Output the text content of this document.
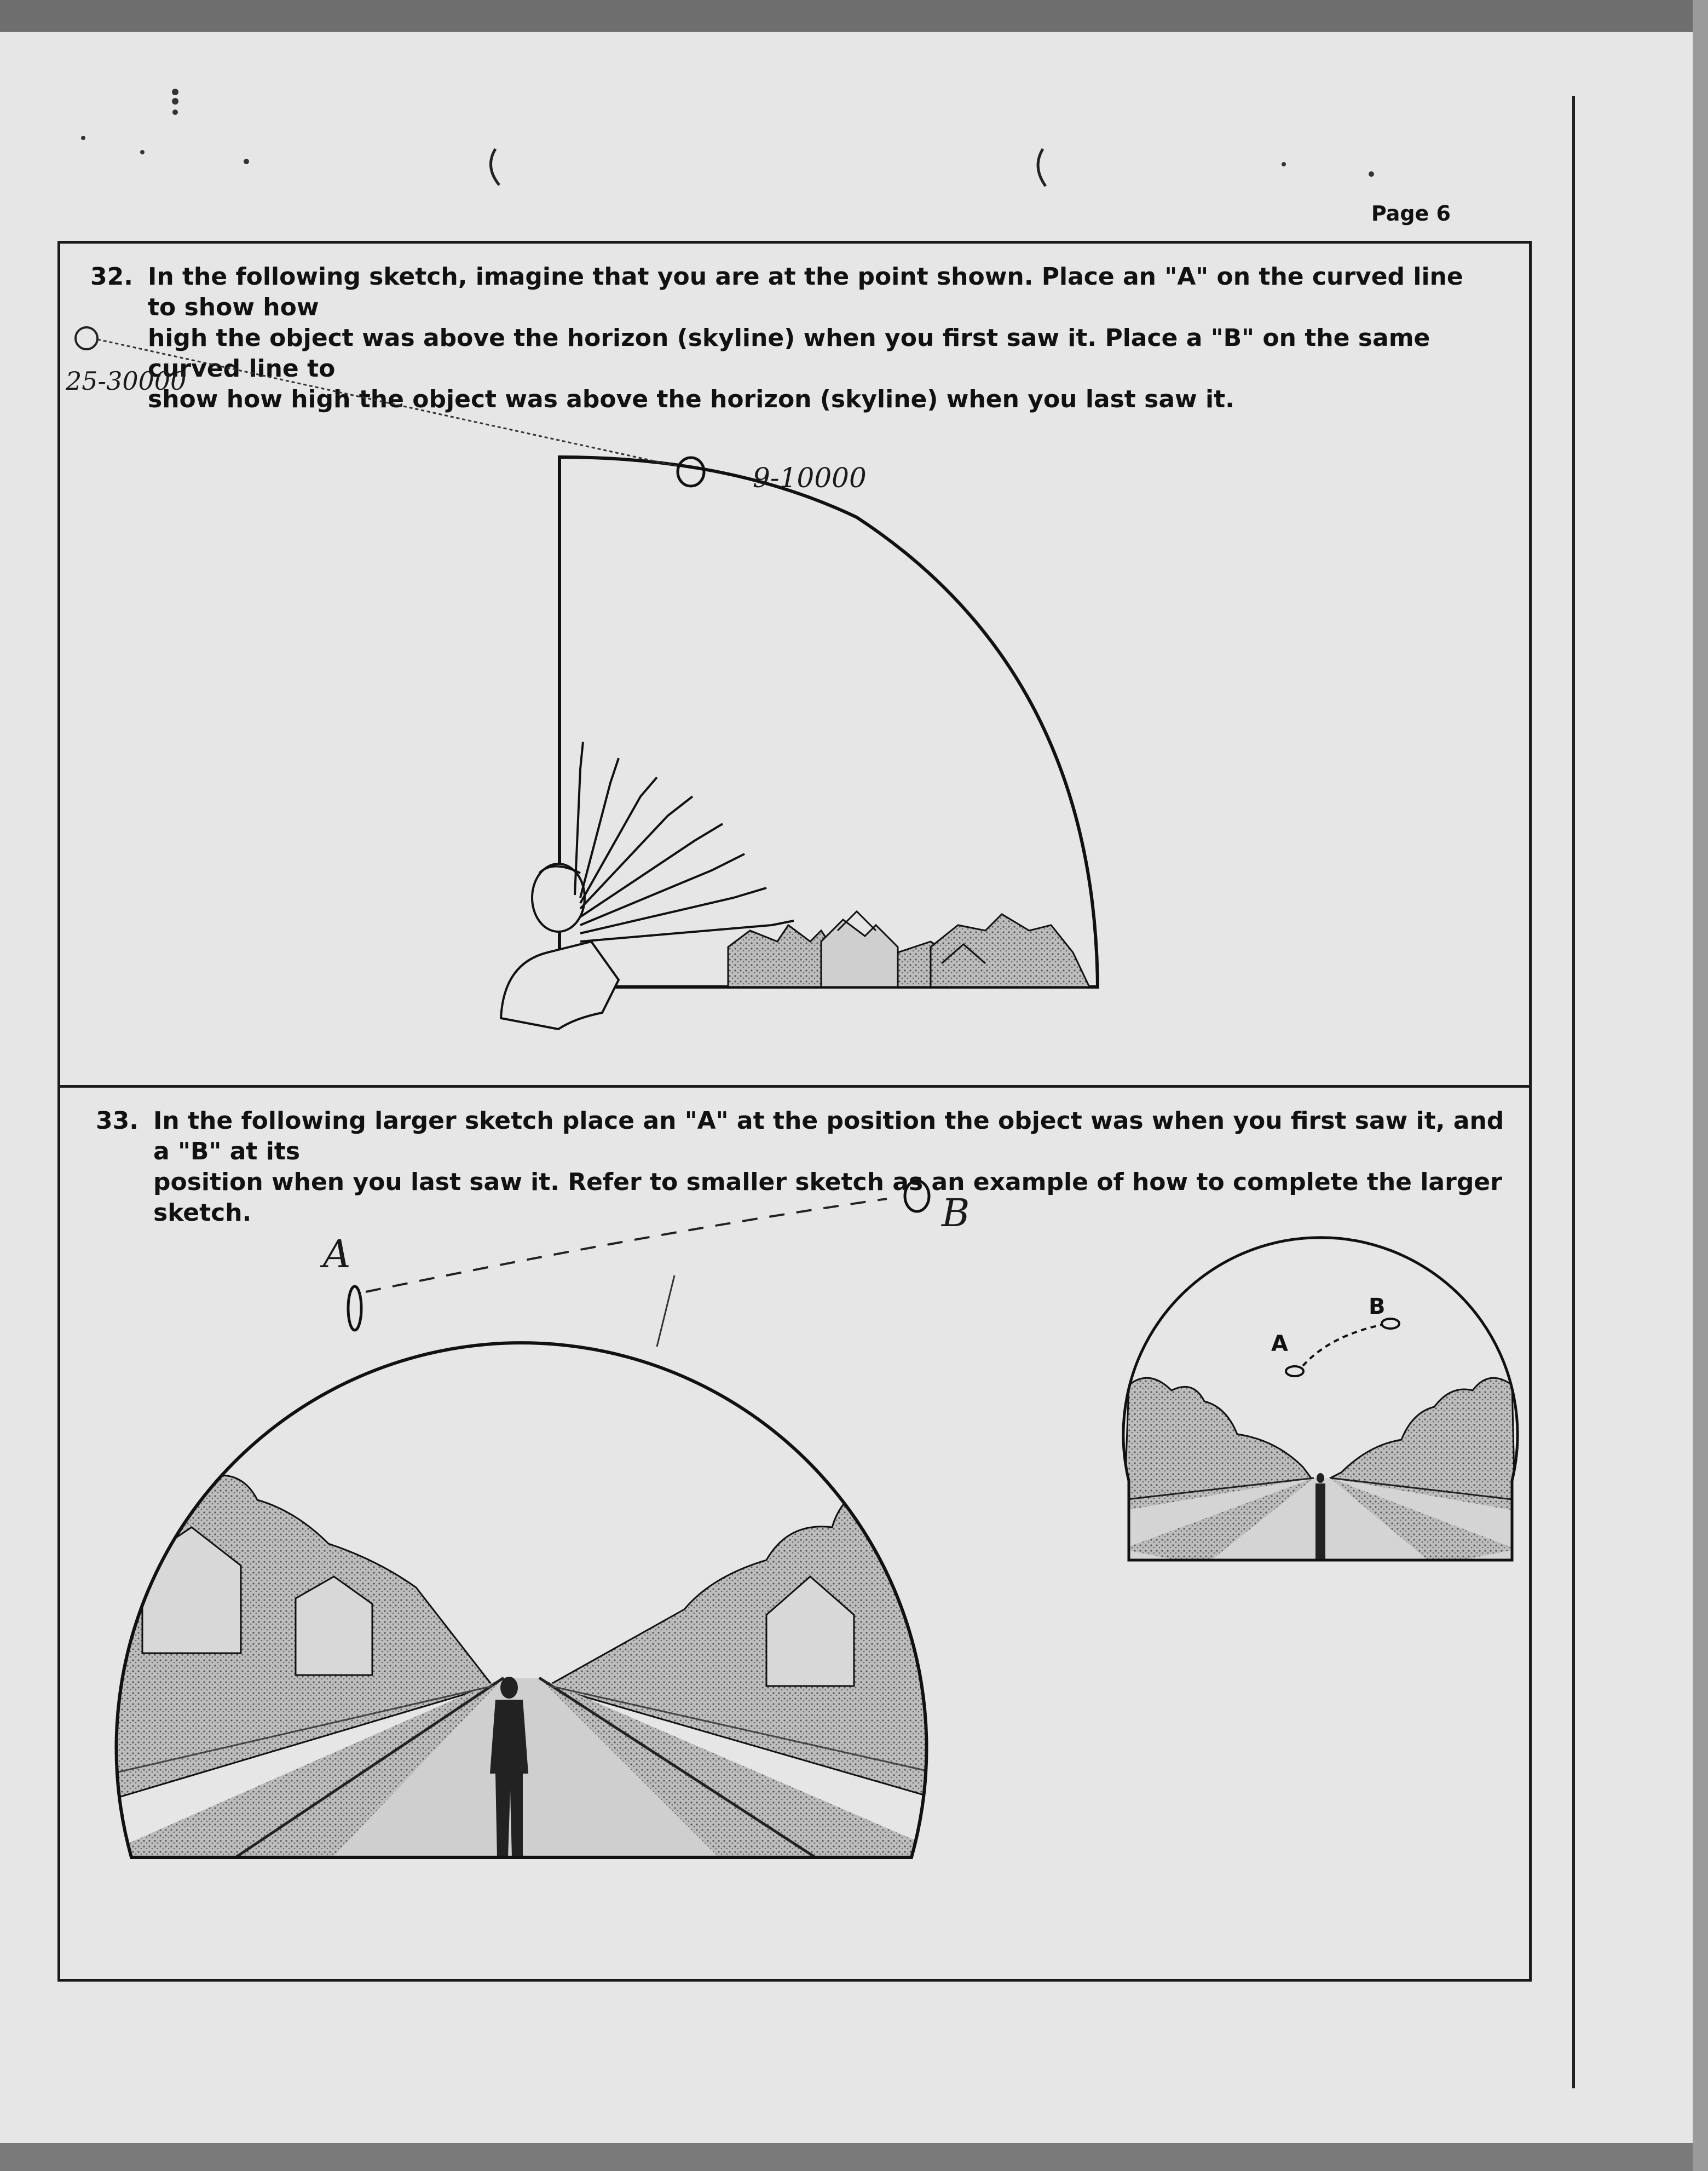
Page 6
32. In the following sketch, imagine that you are at the point shown. Place an "A" on the curved line to show how
high the object was above the horizon (skyline) when you first saw it. Place a "B" on the same curved line to
show how high the object was above the horizon (skyline) when you last saw it.
33. In the following larger sketch place an "A" at the position the object was when you first saw it, and a "B" at its
position when you last saw it. Refer to smaller sketch as an example of how to complete the larger sketch.
25-30000
9-10000
A
B
A
B
